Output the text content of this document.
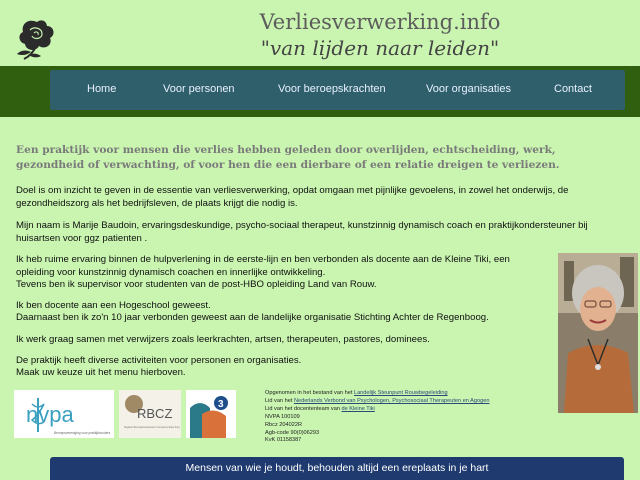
Verliesverwerking.info
"van lijden naar leiden"
Home	Voor personen	Voor beroepskrachten	Voor organisaties	Contact
Een praktijk voor mensen die verlies hebben geleden door overlijden, echtscheiding, werk, gezondheid of verwachting, of voor hen die een dierbare of een relatie dreigen te verliezen.
Doel is om inzicht te geven in de essentie van verliesverwerking, opdat omgaan met pijnlijke gevoelens, in zowel het onderwijs, de gezondheidszorg als het bedrijfsleven, de plaats krijgt die nodig is.
Mijn naam is Marije Baudoin, ervaringsdeskundige, psycho-sociaal therapeut, kunstzinnig dynamisch coach en praktijkondersteuner bij huisartsen voor ggz patienten .
Ik heb ruime ervaring binnen de hulpverlening in de eerste-lijn en ben verbonden als docente aan de Kleine Tiki, een opleiding voor kunstzinnig dynamisch coachen en innerlijke ontwikkeling.
Tevens ben ik supervisor voor studenten van de post-HBO opleiding Land van Rouw.
Ik ben docente aan een Hogeschool geweest.
Daarnaast ben ik zo'n 10 jaar verbonden geweest aan de landelijke organisatie Stichting Achter de Regenboog.
Ik werk graag samen met verwijzers zoals leerkrachten, artsen, therapeuten, pastores, dominees.
De praktijk heeft diverse activiteiten voor personen en organisaties.
Maak uw keuze uit het menu hierboven.
nvpa
Beroepsvereniging voor praktijkhouders
RBCZ
Register Beroepsbeoefenaren Complementaire Zorg
3
Opgenomen in het bestand van het Landelijk Steunpunt Rouwbegeleiding
Lid van het Nederlands Verbond van Psychologen, Psychosociaal Therapeuten en Agogen
Lid van het docententeam van de Kleine Tiki
NVPA 100109
Rbcz 204022R
Agb-code 90(0)06293
KvK 01158387
Mensen van wie je houdt, behouden altijd een ereplaats in je hart
